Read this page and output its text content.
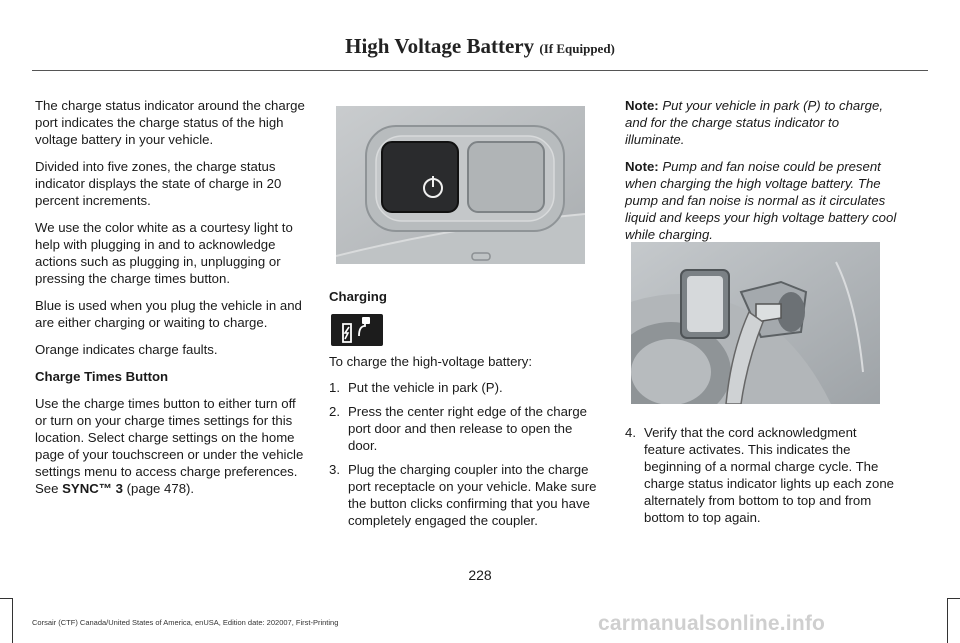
High Voltage Battery (If Equipped)

The charge status indicator around the charge port indicates the charge status of the high voltage battery in your vehicle.

Divided into five zones, the charge status indicator displays the state of charge in 20 percent increments.

We use the color white as a courtesy light to help with plugging in and to acknowledge actions such as plugging in, unplugging or pressing the charge times button.

Blue is used when you plug the vehicle in and are either charging or waiting to charge.

Orange indicates charge faults.

Charge Times Button

Use the charge times button to either turn off or turn on your charge times settings for this location. Select charge settings on the home page of your touchscreen or under the vehicle settings menu to access charge preferences. See SYNC™ 3 (page 478).

Charging

To charge the high-voltage battery:

1. Put the vehicle in park (P).
2. Press the center right edge of the charge port door and then release to open the door.
3. Plug the charging coupler into the charge port receptacle on your vehicle. Make sure the button clicks confirming that you have completely engaged the coupler.

Note: Put your vehicle in park (P) to charge, and for the charge status indicator to illuminate.

Note: Pump and fan noise could be present when charging the high voltage battery. The pump and fan noise is normal as it circulates liquid and keeps your high voltage battery cool while charging.

4. Verify that the cord acknowledgment feature activates. This indicates the beginning of a normal charge cycle. The charge status indicator lights up each zone alternately from bottom to top and from bottom to top again.
228
Corsair (CTF) Canada/United States of America, enUSA, Edition date: 202007, First-Printing	carmanualsonline.info
